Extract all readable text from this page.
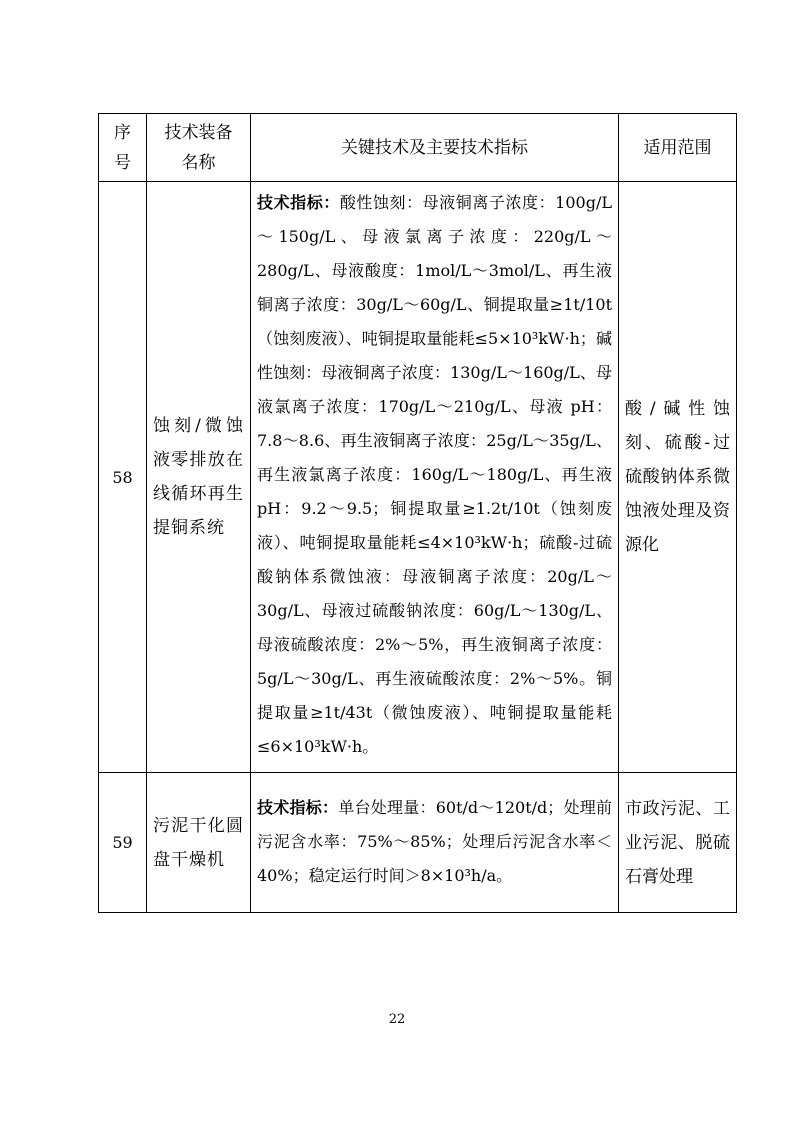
序号	技术装备名称	关键技术及主要技术指标	适用范围
58	蚀刻/微蚀液零排放在线循环再生提铜系统	技术指标：酸性蚀刻：母液铜离子浓度：100g/L～150g/L、母液氯离子浓度：220g/L～280g/L、母液酸度：1mol/L～3mol/L、再生液铜离子浓度：30g/L～60g/L、铜提取量≥1t/10t（蚀刻废液）、吨铜提取量能耗≤5×10³kW·h；碱性蚀刻：母液铜离子浓度：130g/L～160g/L、母液氯离子浓度：170g/L～210g/L、母液 pH：7.8～8.6、再生液铜离子浓度：25g/L～35g/L、再生液氯离子浓度：160g/L～180g/L、再生液 pH：9.2～9.5；铜提取量≥1.2t/10t（蚀刻废液）、吨铜提取量能耗≤4×10³kW·h；硫酸-过硫酸钠体系微蚀液：母液铜离子浓度：20g/L～30g/L、母液过硫酸钠浓度：60g/L～130g/L、母液硫酸浓度：2%～5%，再生液铜离子浓度：5g/L～30g/L、再生液硫酸浓度：2%～5%。铜提取量≥1t/43t（微蚀废液）、吨铜提取量能耗≤6×10³kW·h。	酸/碱性蚀刻、硫酸-过硫酸钠体系微蚀液处理及资源化
59	污泥干化圆盘干燥机	技术指标：单台处理量：60t/d～120t/d；处理前污泥含水率：75%～85%；处理后污泥含水率＜40%；稳定运行时间＞8×10³h/a。	市政污泥、工业污泥、脱硫石膏处理
22
